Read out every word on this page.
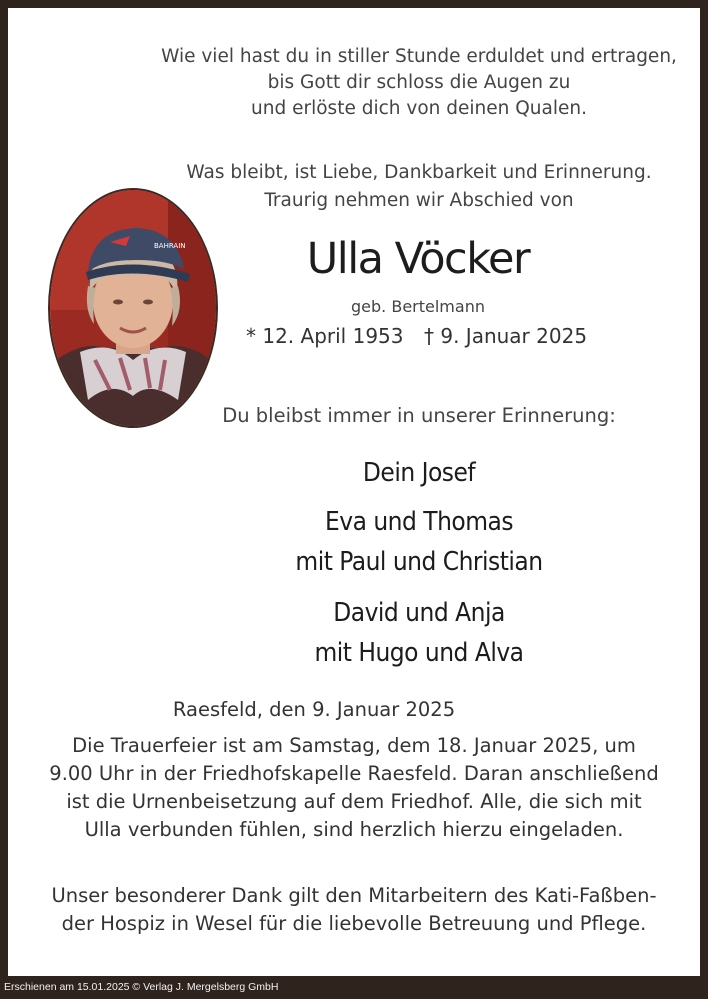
Wie viel hast du in stiller Stunde erduldet und ertragen,
bis Gott dir schloss die Augen zu
und erlöste dich von deinen Qualen.
Was bleibt, ist Liebe, Dankbarkeit und Erinnerung.
Traurig nehmen wir Abschied von
BAHRAIN	Ulla Vöcker
geb. Bertelmann
* 12. April 1953 † 9. Januar 2025
Du bleibst immer in unserer Erinnerung:
Dein Josef
Eva und Thomas
mit Paul und Christian
David und Anja
mit Hugo und Alva
Raesfeld, den 9. Januar 2025
Die Trauerfeier ist am Samstag, dem 18. Januar 2025, um
9.00 Uhr in der Friedhofskapelle Raesfeld. Daran anschließend
ist die Urnenbeisetzung auf dem Friedhof. Alle, die sich mit
Ulla verbunden fühlen, sind herzlich hierzu eingeladen.
Unser besonderer Dank gilt den Mitarbeitern des Kati-Faßben-
der Hospiz in Wesel für die liebevolle Betreuung und Pflege.
Erschienen am 15.01.2025 © Verlag J. Mergelsberg GmbH
